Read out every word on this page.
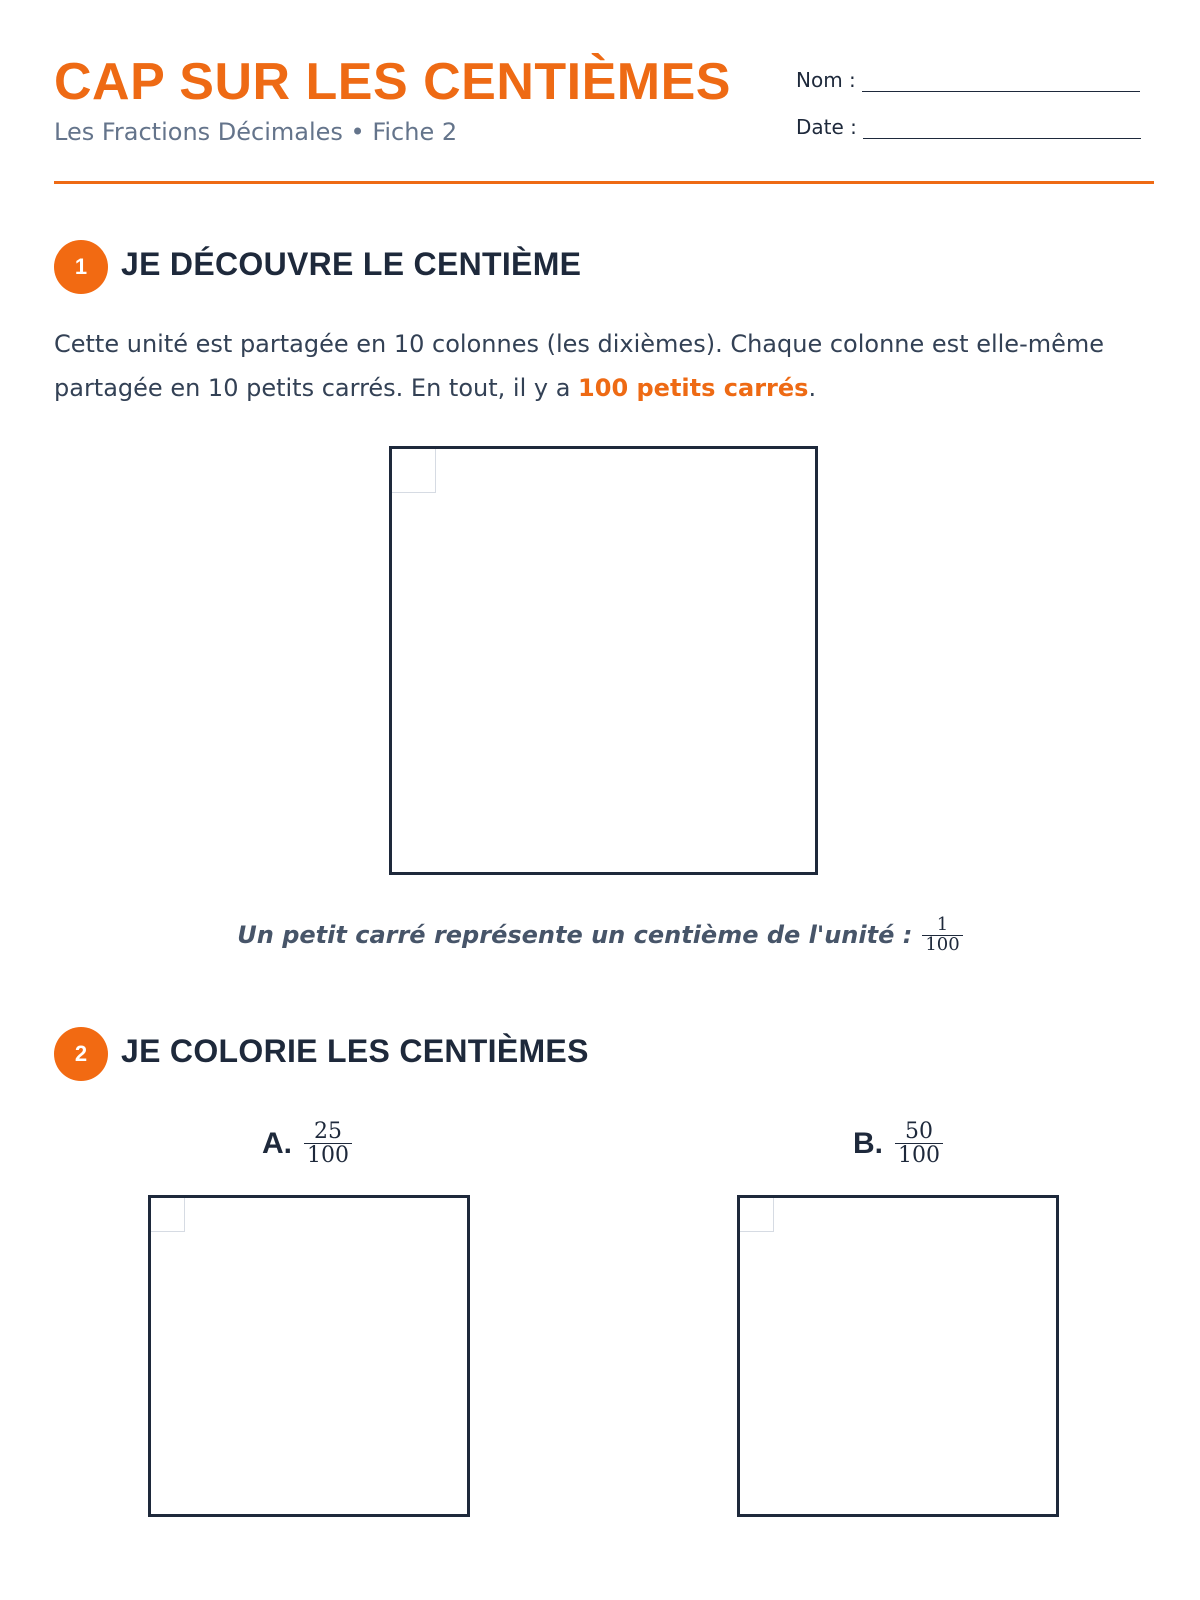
CAP SUR LES CENTIÈMES
Les Fractions Décimales • Fiche 2
Nom :
Date :
1	JE DÉCOUVRE LE CENTIÈME
Cette unité est partagée en 10 colonnes (les dixièmes). Chaque colonne est elle-même partagée en 10 petits carrés. En tout, il y a 100 petits carrés.
Un petit carré représente un centième de l'unité : $\frac{1}{100}$
2	JE COLORIE LES CENTIÈMES
A. $\frac{25}{100}$	B. $\frac{50}{100}$
